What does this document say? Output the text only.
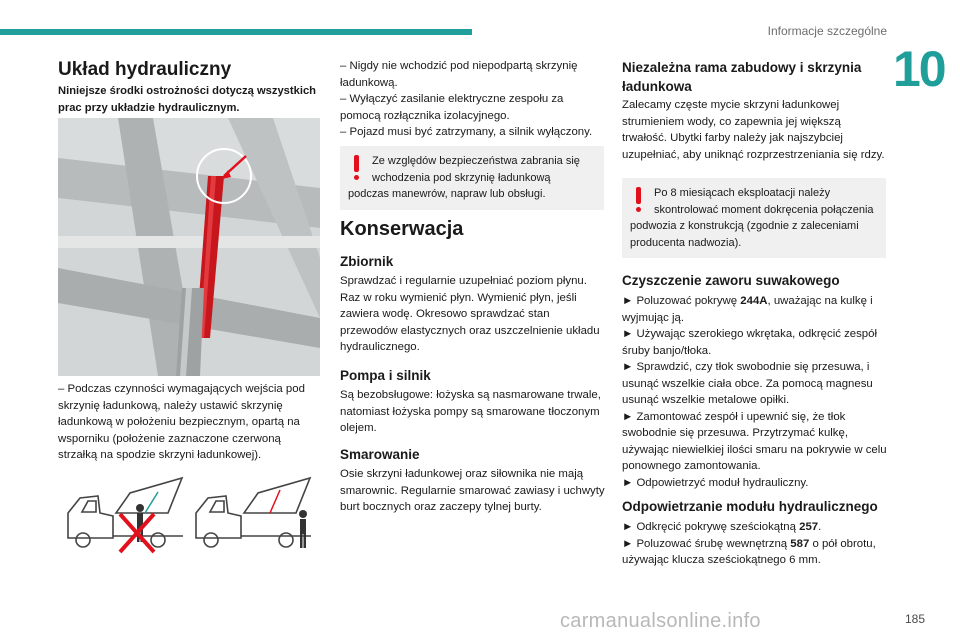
Informacje szczególne
10
Układ hydrauliczny

Niniejsze środki ostrożności dotyczą wszystkich prac przy układzie hydraulicznym.

– Podczas czynności wymagających wejścia pod skrzynię ładunkową, należy ustawić skrzynię ładunkową w położeniu bezpiecznym, opartą na wsporniku (położenie zaznaczone czerwoną strzałką na spodzie skrzyni ładunkowej).

– Nigdy nie wchodzić pod niepodpartą skrzynię ładunkową.

– Wyłączyć zasilanie elektryczne zespołu za pomocą rozłącznika izolacyjnego.

– Pojazd musi być zatrzymany, a silnik wyłączony.

Ze względów bezpieczeństwa zabrania się wchodzenia pod skrzynię ładunkową podczas manewrów, napraw lub obsługi.
Konserwacja
Zbiornik

Sprawdzać i regularnie uzupełniać poziom płynu. Raz w roku wymienić płyn. Wymienić płyn, jeśli zawiera wodę. Okresowo sprawdzać stan przewodów elastycznych oraz uszczelnienie układu hydraulicznego.

Pompa i silnik

Są bezobsługowe: łożyska są nasmarowane trwale, natomiast łożyska pompy są smarowane tłoczonym olejem.

Smarowanie

Osie skrzyni ładunkowej oraz siłownika nie mają smarownic. Regularnie smarować zawiasy i uchwyty burt bocznych oraz zaczepy tylnej burty.

Niezależna rama zabudowy i skrzynia ładunkowa

Zalecamy częste mycie skrzyni ładunkowej strumieniem wody, co zapewnia jej większą trwałość. Ubytki farby należy jak najszybciej uzupełniać, aby uniknąć rozprzestrzeniania się rdzy.

Po 8 miesiącach eksploatacji należy skontrolować moment dokręcenia połączenia podwozia z konstrukcją (zgodnie z zaleceniami producenta nadwozia).
Czyszczenie zaworu suwakowego

► Poluzować pokrywę 244A, uważając na kulkę i wyjmując ją.

► Używając szerokiego wkrętaka, odkręcić zespół śruby banjo/tłoka.

► Sprawdzić, czy tłok swobodnie się przesuwa, i usunąć wszelkie ciała obce. Za pomocą magnesu usunąć wszelkie metalowe opiłki.

► Zamontować zespół i upewnić się, że tłok swobodnie się przesuwa. Przytrzymać kulkę, używając niewielkiej ilości smaru na pokrywie w celu ponownego zamontowania.

► Odpowietrzyć moduł hydrauliczny.

Odpowietrzanie modułu hydraulicznego

► Odkręcić pokrywę sześciokątną 257.

► Poluzować śrubę wewnętrzną 587 o pół obrotu, używając klucza sześciokątnego 6 mm.

carmanualsonline.info	185
